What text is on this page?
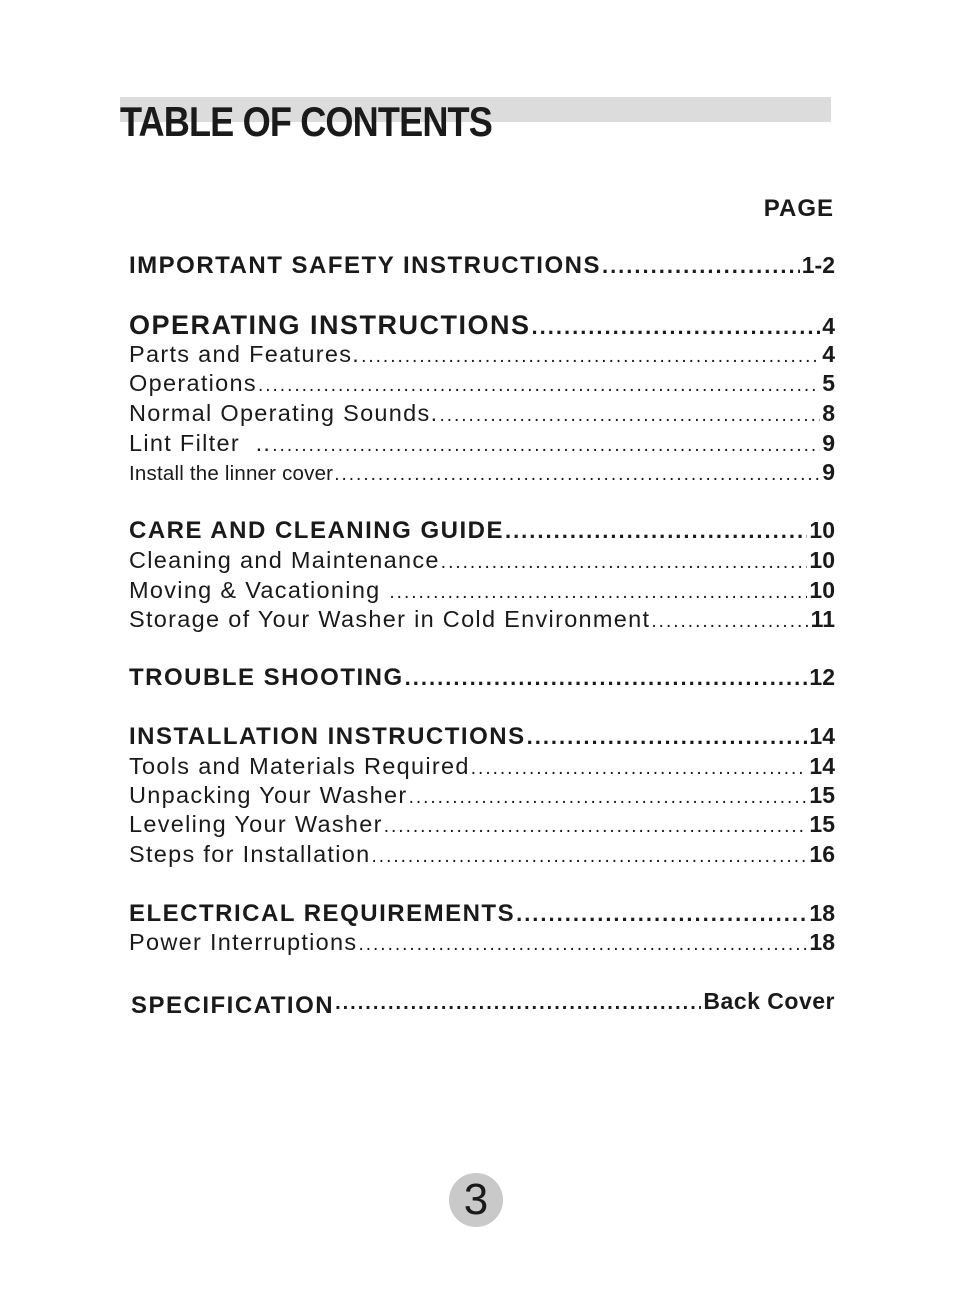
TABLE OF CONTENTS
PAGE
IMPORTANT SAFETY INSTRUCTIONS .....	1-2
OPERATING INSTRUCTIONS .....	4
Parts and Features. .....	4
Operations .....	5
Normal Operating Sounds. .....	8
Lint Filter  .. .....	9
Install the linner cover .....	9
CARE AND CLEANING GUIDE .....	10
Cleaning and Maintenance .....	10
Moving & Vacationing .....	10
Storage of Your Washer in Cold Environment .....	11
TROUBLE SHOOTING .....	12
INSTALLATION INSTRUCTIONS .....	14
Tools and Materials Required .....	14
Unpacking Your Washer .....	15
Leveling Your Washer .....	15
Steps for Installation .....	16
ELECTRICAL REQUIREMENTS .....	18
Power Interruptions .....	18
SPECIFICATION .....	Back Cover
3
